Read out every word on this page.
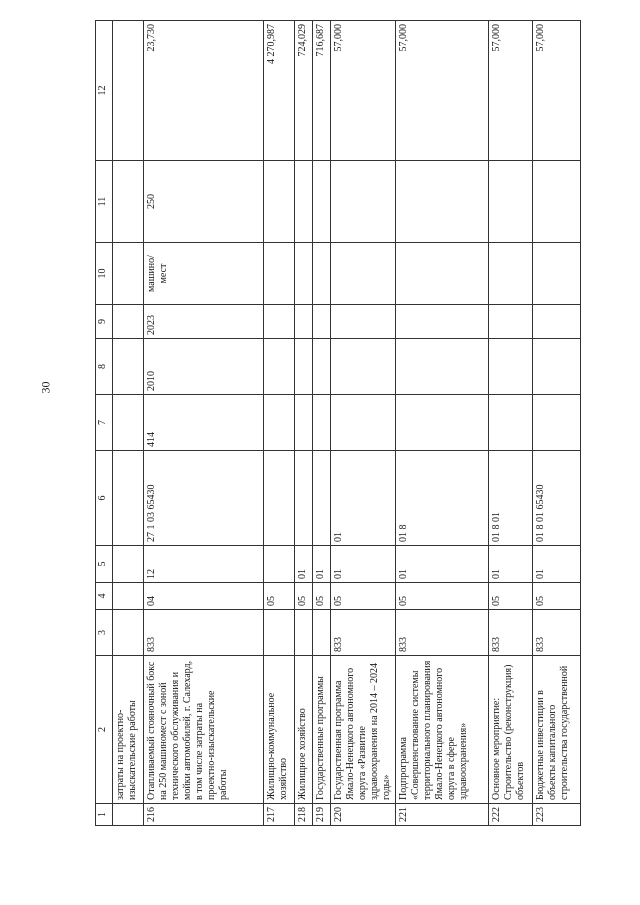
30
1	2	3	4	5	6	7	8	9	10	11	12
	затраты на проектно-изыскательские работы										
216	Отапливаемый стояночный бокс на 250 машиномест с зоной технического обслуживания и мойки автомобилей, г. Салехард, в том числе затраты на проектно-изыскательские работы	833	04	12	27 1 03 65430	414	2010	2023	машино/мест	250	23,730
217	Жилищно-коммунальное хозяйство		05								4 270,987
218	Жилищное хозяйство		05	01							724,029
219	Государственные программы		05	01							716,687
220	Государственная программа Ямало-Ненецкого автономного округа «Развитие здравоохранения на 2014 – 2024 годы»	833	05	01	01						57,000
221	Подпрограмма «Совершенствование системы территориального планирования Ямало-Ненецкого автономного округа в сфере здравоохранения»	833	05	01	01 8						57,000
222	Основное мероприятие: Строительство (реконструкция) объектов	833	05	01	01 8 01						57,000
223	Бюджетные инвестиции в объекты капитального строительства государственной	833	05	01	01 8 01 65430						57,000
